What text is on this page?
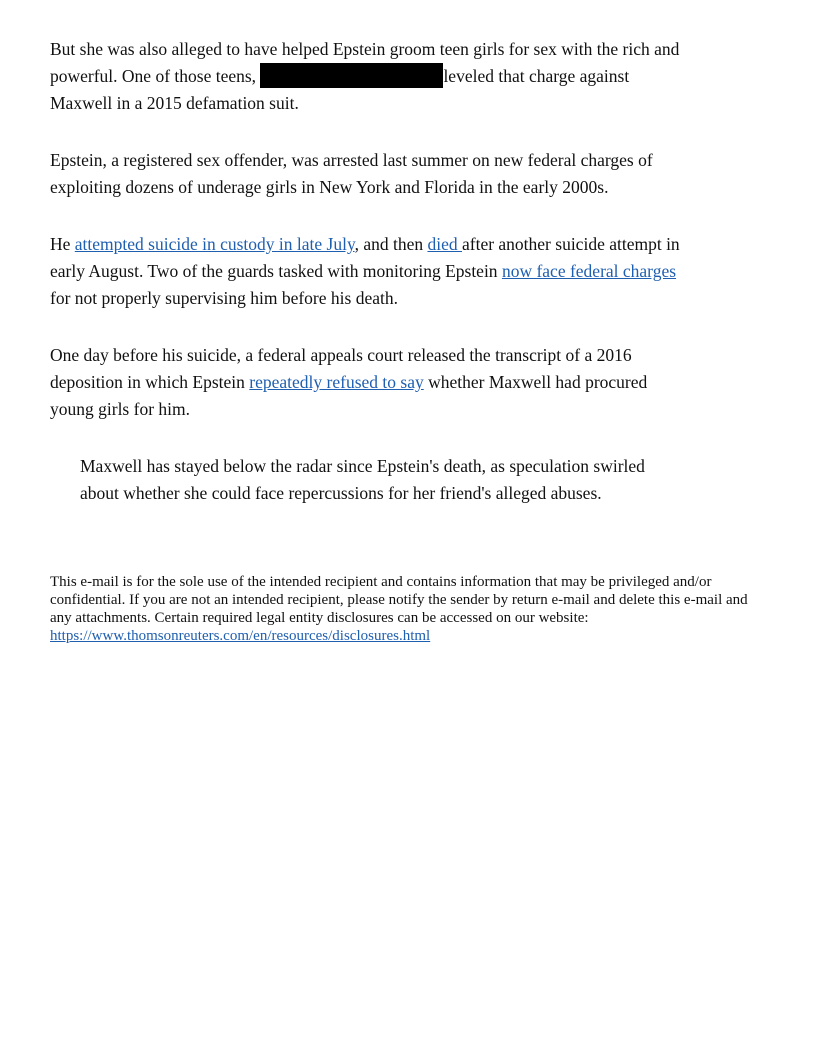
But she was also alleged to have helped Epstein groom teen girls for sex with the rich and powerful. One of those teens,	leveled that charge against Maxwell in a 2015 defamation suit.

Epstein, a registered sex offender, was arrested last summer on new federal charges of exploiting dozens of underage girls in New York and Florida in the early 2000s.

He attempted suicide in custody in late July, and then died after another suicide attempt in early August. Two of the guards tasked with monitoring Epstein now face federal charges for not properly supervising him before his death.

One day before his suicide, a federal appeals court released the transcript of a 2016 deposition in which Epstein repeatedly refused to say whether Maxwell had procured young girls for him.

Maxwell has stayed below the radar since Epstein's death, as speculation swirled about whether she could face repercussions for her friend's alleged abuses.

This e-mail is for the sole use of the intended recipient and contains information that may be privileged and/or confidential. If you are not an intended recipient, please notify the sender by return e-mail and delete this e-mail and any attachments. Certain required legal entity disclosures can be accessed on our website:
https://www.thomsonreuters.com/en/resources/disclosures.html
